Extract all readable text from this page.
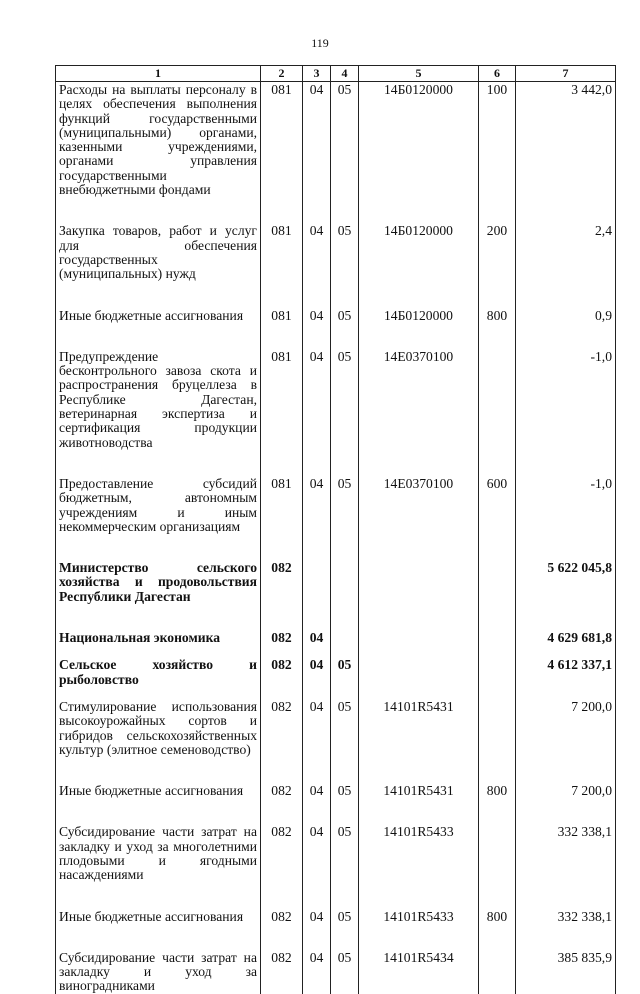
119
1	2	3	4	5	6	7
Расходы на выплаты персоналу в целях обеспечения выполнения функций государственными (муниципальными) органами, казенными учреждениями, органами управления государственными внебюджетными фондами	081	04	05	14Б0120000	100	3 442,0
Закупка товаров, работ и услуг для обеспечения государственных (муниципальных) нужд	081	04	05	14Б0120000	200	2,4
Иные бюджетные ассигнования	081	04	05	14Б0120000	800	0,9
Предупреждение бесконтрольного завоза скота и распространения бруцеллеза в Республике Дагестан, ветеринарная экспертиза и сертификация продукции животноводства	081	04	05	14Е0370100		-1,0
Предоставление субсидий бюджетным, автономным учреждениям и иным некоммерческим организациям	081	04	05	14Е0370100	600	-1,0
Министерство сельского хозяйства и продовольствия Республики Дагестан	082					5 622 045,8
Национальная экономика	082	04				4 629 681,8
Сельское хозяйство и рыболовство	082	04	05			4 612 337,1
Стимулирование использования высокоурожайных сортов и гибридов сельскохозяйственных культур (элитное семеноводство)	082	04	05	14101R5431		7 200,0
Иные бюджетные ассигнования	082	04	05	14101R5431	800	7 200,0
Субсидирование части затрат на закладку и уход за многолетними плодовыми и ягодными насаждениями	082	04	05	14101R5433		332 338,1
Иные бюджетные ассигнования	082	04	05	14101R5433	800	332 338,1
Субсидирование части затрат на закладку и уход за виноградниками	082	04	05	14101R5434		385 835,9
